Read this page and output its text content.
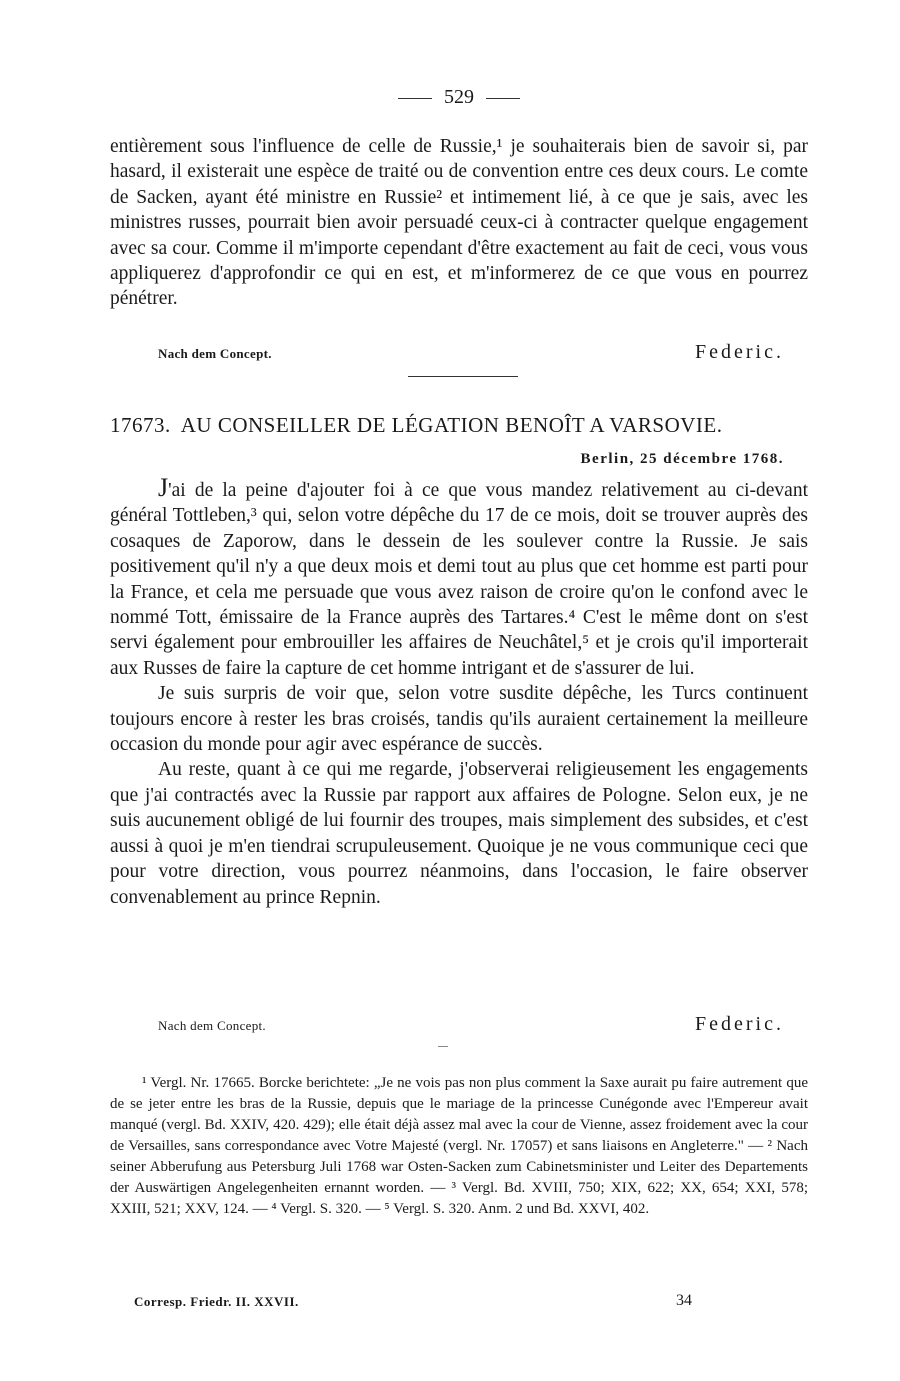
529
entièrement sous l'influence de celle de Russie,¹ je souhaiterais bien de savoir si, par hasard, il existerait une espèce de traité ou de convention entre ces deux cours. Le comte de Sacken, ayant été ministre en Russie² et intimement lié, à ce que je sais, avec les ministres russes, pourrait bien avoir persuadé ceux-ci à contracter quelque engagement avec sa cour. Comme il m'importe cependant d'être exactement au fait de ceci, vous vous appliquerez d'approfondir ce qui en est, et m'informerez de ce que vous en pourrez pénétrer.
Nach dem Concept.	Federic.
17673. AU CONSEILLER DE LÉGATION BENOÎT A VARSOVIE.
Berlin, 25 décembre 1768.

J'ai de la peine d'ajouter foi à ce que vous mandez relativement au ci-devant général Tottleben,³ qui, selon votre dépêche du 17 de ce mois, doit se trouver auprès des cosaques de Zaporow, dans le dessein de les soulever contre la Russie. Je sais positivement qu'il n'y a que deux mois et demi tout au plus que cet homme est parti pour la France, et cela me persuade que vous avez raison de croire qu'on le confond avec le nommé Tott, émissaire de la France auprès des Tartares.⁴ C'est le même dont on s'est servi également pour embrouiller les affaires de Neuchâtel,⁵ et je crois qu'il importerait aux Russes de faire la capture de cet homme intrigant et de s'assurer de lui.

Je suis surpris de voir que, selon votre susdite dépêche, les Turcs continuent toujours encore à rester les bras croisés, tandis qu'ils auraient certainement la meilleure occasion du monde pour agir avec espérance de succès.

Au reste, quant à ce qui me regarde, j'observerai religieusement les engagements que j'ai contractés avec la Russie par rapport aux affaires de Pologne. Selon eux, je ne suis aucunement obligé de lui fournir des troupes, mais simplement des subsides, et c'est aussi à quoi je m'en tiendrai scrupuleusement. Quoique je ne vous communique ceci que pour votre direction, vous pourrez néanmoins, dans l'occasion, le faire observer convenablement au prince Repnin.

Nach dem Concept.	Federic.

¹ Vergl. Nr. 17665. Borcke berichtete: „Je ne vois pas non plus comment la Saxe aurait pu faire autrement que de se jeter entre les bras de la Russie, depuis que le mariage de la princesse Cunégonde avec l'Empereur avait manqué (vergl. Bd. XXIV, 420. 429); elle était déjà assez mal avec la cour de Vienne, assez froidement avec la cour de Versailles, sans correspondance avec Votre Majesté (vergl. Nr. 17057) et sans liaisons en Angleterre." — ² Nach seiner Abberufung aus Petersburg Juli 1768 war Osten-Sacken zum Cabinetsminister und Leiter des Departements der Auswärtigen Angelegenheiten ernannt worden. — ³ Vergl. Bd. XVIII, 750; XIX, 622; XX, 654; XXI, 578; XXIII, 521; XXV, 124. — ⁴ Vergl. S. 320. — ⁵ Vergl. S. 320. Anm. 2 und Bd. XXVI, 402.

Corresp. Friedr. II. XXVII.	34
